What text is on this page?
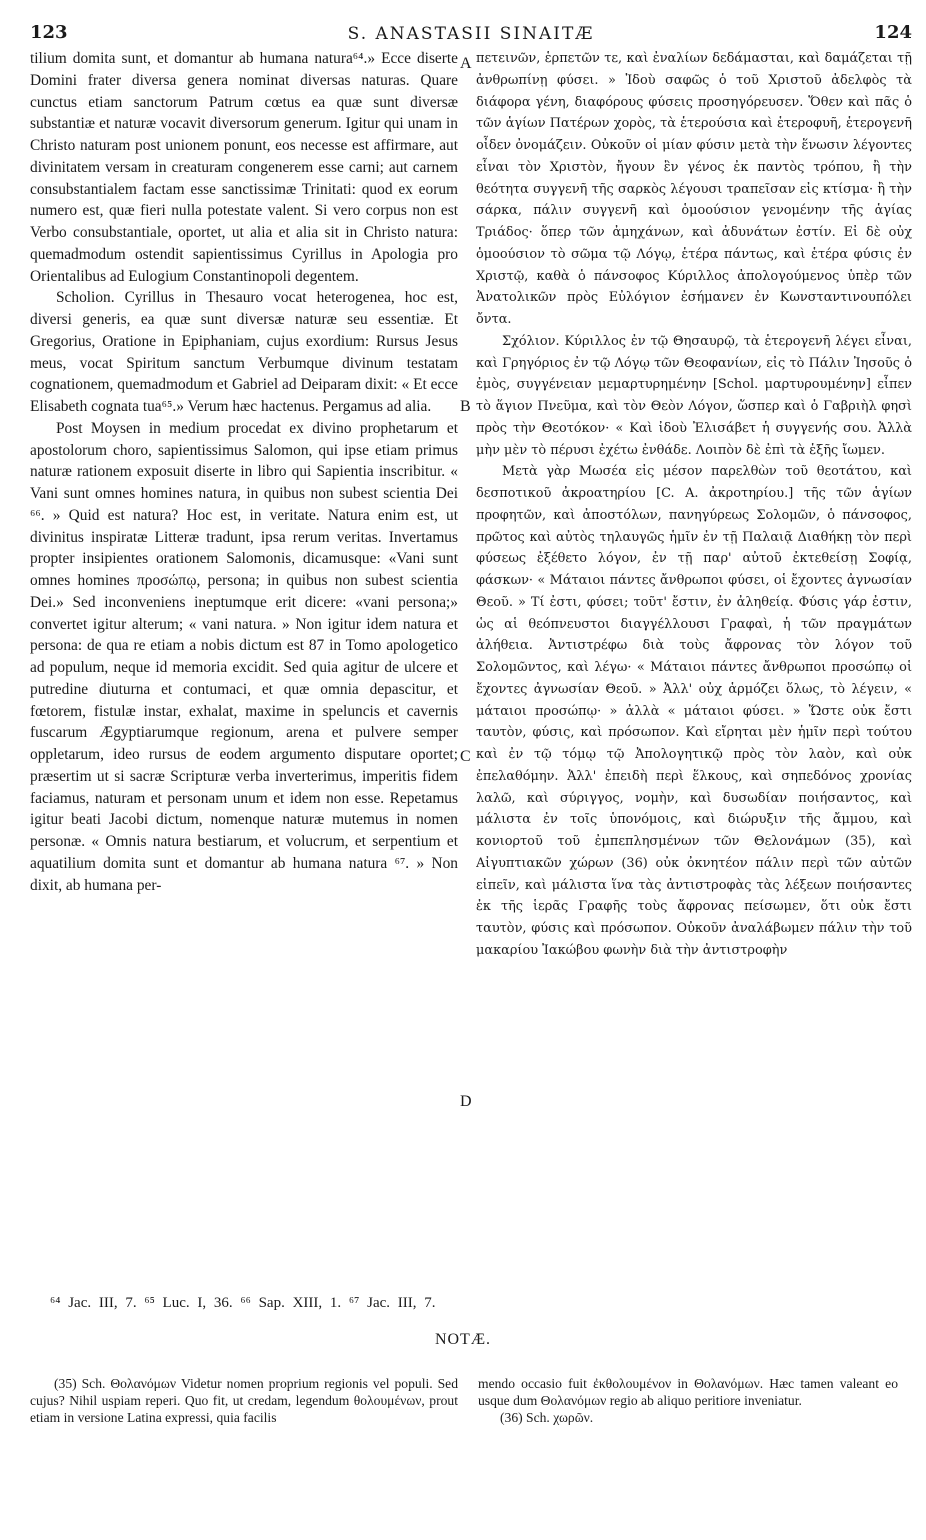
123	S. ANASTASII SINAITÆ	124

tilium domita sunt, et domantur ab humana natura⁶⁴.» Ecce diserte Domini frater diversa genera nominat diversas naturas. Quare cunctus etiam sanctorum Patrum cœtus ea quæ sunt diversæ substantiæ et naturæ vocavit diversorum generum. Igitur qui unam in Christo naturam post unionem ponunt, eos necesse est affirmare, aut divinitatem versam in creaturam congenerem esse carni; aut carnem consubstantialem factam esse sanctissimæ Trinitati: quod ex eorum numero est, quæ fieri nulla potestate valent. Si vero corpus non est Verbo consubstantiale, oportet, ut alia et alia sit in Christo natura: quemadmodum ostendit sapientissimus Cyrillus in Apologia pro Orientalibus ad Eulogium Constantinopoli degentem.

Scholion. Cyrillus in Thesauro vocat heterogenea, hoc est, diversi generis, ea quæ sunt diversæ naturæ seu essentiæ. Et Gregorius, Oratione in Epiphaniam, cujus exordium: Rursus Jesus meus, vocat Spiritum sanctum Verbumque divinum testatam cognationem, quemadmodum et Gabriel ad Deiparam dixit: « Et ecce Elisabeth cognata tua⁶⁵.» Verum hæc hactenus. Pergamus ad alia.

Post Moysen in medium procedat ex divino prophetarum et apostolorum choro, sapientissimus Salomon, qui ipse etiam primus naturæ rationem exposuit diserte in libro qui Sapientia inscribitur. « Vani sunt omnes homines natura, in quibus non subest scientia Dei ⁶⁶. » Quid est natura? Hoc est, in veritate. Natura enim est, ut divinitus inspiratæ Litteræ tradunt, ipsa rerum veritas. Invertamus propter insipientes orationem Salomonis, dicamusque: «Vani sunt omnes homines προσώπῳ, persona; in quibus non subest scientia Dei.» Sed inconveniens ineptumque erit dicere: «vani persona;» convertet igitur alterum; « vani natura. » Non igitur idem natura et persona: de qua re etiam a nobis dictum est 87 in Tomo apologetico ad populum, neque id memoria excidit. Sed quia agitur de ulcere et putredine diuturna et contumaci, et quæ omnia depascitur, et fœtorem, fistulæ instar, exhalat, maxime in speluncis et cavernis fuscarum Ægyptiarumque regionum, arena et pulvere semper oppletarum, ideo rursus de eodem argumento disputare oportet; præsertim ut si sacræ Scripturæ verba inverterimus, imperitis fidem faciamus, naturam et personam unum et idem non esse. Repetamus igitur beati Jacobi dictum, nomenque naturæ mutemus in nomen personæ. « Omnis natura bestiarum, et volucrum, et serpentium et aquatilium domita sunt et domantur ab humana natura ⁶⁷. » Non dixit, ab humana per-

A
B
C
D

πετεινῶν, ἑρπετῶν τε, καὶ ἐναλίων δεδάμασται, καὶ δαμάζεται τῇ ἀνθρωπίνῃ φύσει. » Ἰδοὺ σαφῶς ὁ τοῦ Χριστοῦ ἀδελφὸς τὰ διάφορα γένη, διαφόρους φύσεις προσηγόρευσεν. Ὅθεν καὶ πᾶς ὁ τῶν ἁγίων Πατέρων χορὸς, τὰ ἑτερούσια καὶ ἑτεροφυῆ, ἑτερογενῆ οἶδεν ὀνομάζειν. Οὐκοῦν οἱ μίαν φύσιν μετὰ τὴν ἕνωσιν λέγοντες εἶναι τὸν Χριστὸν, ἤγουν ἓν γένος ἐκ παντὸς τρόπου, ἢ τὴν θεότητα συγγενῆ τῆς σαρκὸς λέγουσι τραπεῖσαν εἰς κτίσμα· ἢ τὴν σάρκα, πάλιν συγγενῆ καὶ ὁμοούσιον γενομένην τῆς ἁγίας Τριάδος· ὅπερ τῶν ἀμηχάνων, καὶ ἀδυνάτων ἐστίν. Εἰ δὲ οὐχ ὁμοούσιον τὸ σῶμα τῷ Λόγῳ, ἑτέρα πάντως, καὶ ἑτέρα φύσις ἐν Χριστῷ, καθὰ ὁ πάνσοφος Κύριλλος ἀπολογούμενος ὑπὲρ τῶν Ἀνατολικῶν πρὸς Εὐλόγιον ἐσήμανεν ἐν Κωνσταντινουπόλει ὄντα.

Σχόλιον. Κύριλλος ἐν τῷ Θησαυρῷ, τὰ ἑτερογενῆ λέγει εἶναι, καὶ Γρηγόριος ἐν τῷ Λόγῳ τῶν Θεοφανίων, εἰς τὸ Πάλιν Ἰησοῦς ὁ ἐμὸς, συγγένειαν μεμαρτυρημένην [Schol. μαρτυρουμένην] εἶπεν τὸ ἅγιον Πνεῦμα, καὶ τὸν Θεὸν Λόγον, ὥσπερ καὶ ὁ Γαβριὴλ φησὶ πρὸς τὴν Θεοτόκον· « Καὶ ἰδοὺ Ἐλισάβετ ἡ συγγενής σου. Ἀλλὰ μὴν μὲν τὸ πέρυσι ἐχέτω ἐνθάδε. Λοιπὸν δὲ ἐπὶ τὰ ἑξῆς ἴωμεν.

Μετὰ γὰρ Μωσέα εἰς μέσον παρελθὼν τοῦ θεοτάτου, καὶ δεσποτικοῦ ἀκροατηρίου [C. A. ἀκροτηρίου.] τῆς τῶν ἁγίων προφητῶν, καὶ ἀποστόλων, πανηγύρεως Σολομῶν, ὁ πάνσοφος, πρῶτος καὶ αὐτὸς τηλαυγῶς ἡμῖν ἐν τῇ Παλαιᾷ Διαθήκῃ τὸν περὶ φύσεως ἐξέθετο λόγον, ἐν τῇ παρ' αὐτοῦ ἐκτεθείσῃ Σοφίᾳ, φάσκων· « Μάταιοι πάντες ἄνθρωποι φύσει, οἱ ἔχοντες ἀγνωσίαν Θεοῦ. » Τί ἐστι, φύσει; τοῦτ' ἔστιν, ἐν ἀληθείᾳ. Φύσις γάρ ἐστιν, ὡς αἱ θεόπνευστοι διαγγέλλουσι Γραφαὶ, ἡ τῶν πραγμάτων ἀλήθεια. Ἀντιστρέφω διὰ τοὺς ἄφρονας τὸν λόγον τοῦ Σολομῶντος, καὶ λέγω· « Μάταιοι πάντες ἄνθρωποι προσώπῳ οἱ ἔχοντες ἀγνωσίαν Θεοῦ. » Ἀλλ' οὐχ ἁρμόζει ὅλως, τὸ λέγειν, « μάταιοι προσώπῳ· » ἀλλὰ « μάταιοι φύσει. » Ὥστε οὐκ ἔστι ταυτὸν, φύσις, καὶ πρόσωπον. Καὶ εἴρηται μὲν ἡμῖν περὶ τούτου καὶ ἐν τῷ τόμῳ τῷ Ἀπολογητικῷ πρὸς τὸν λαὸν, καὶ οὐκ ἐπελαθόμην. Ἀλλ' ἐπειδὴ περὶ ἕλκους, καὶ σηπεδόνος χρονίας λαλῶ, καὶ σύριγγος, νομὴν, καὶ δυσωδίαν ποιήσαντος, καὶ μάλιστα ἐν τοῖς ὑπονόμοις, καὶ διώρυξιν τῆς ἄμμου, καὶ κονιορτοῦ τοῦ ἐμπεπλησμένων τῶν Θελονάμων (35), καὶ Αἰγυπτιακῶν χώρων (36) οὐκ ὀκνητέον πάλιν περὶ τῶν αὐτῶν εἰπεῖν, καὶ μάλιστα ἵνα τὰς ἀντιστροφὰς τὰς λέξεων ποιήσαντες ἐκ τῆς ἱερᾶς Γραφῆς τοὺς ἄφρονας πείσωμεν, ὅτι οὐκ ἔστι ταυτὸν, φύσις καὶ πρόσωπον. Οὐκοῦν ἀναλάβωμεν πάλιν τὴν τοῦ μακαρίου Ἰακώβου φωνὴν διὰ τὴν ἀντιστροφὴν

⁶⁴ Jac. III, 7. ⁶⁵ Luc. I, 36. ⁶⁶ Sap. XIII, 1. ⁶⁷ Jac. III, 7.
NOTÆ.
(35) Sch. Θολανόμων Videtur nomen proprium regionis vel populi. Sed cujus? Nihil uspiam reperi. Quo fit, ut credam, legendum θολουμένων, prout etiam in versione Latina expressi, quia facilis
mendo occasio fuit ἐκθολουμένον in Θολανόμων. Hæc tamen valeant eo usque dum Θολανόμων regio ab aliquo peritiore inveniatur.
(36) Sch. χωρῶν.
